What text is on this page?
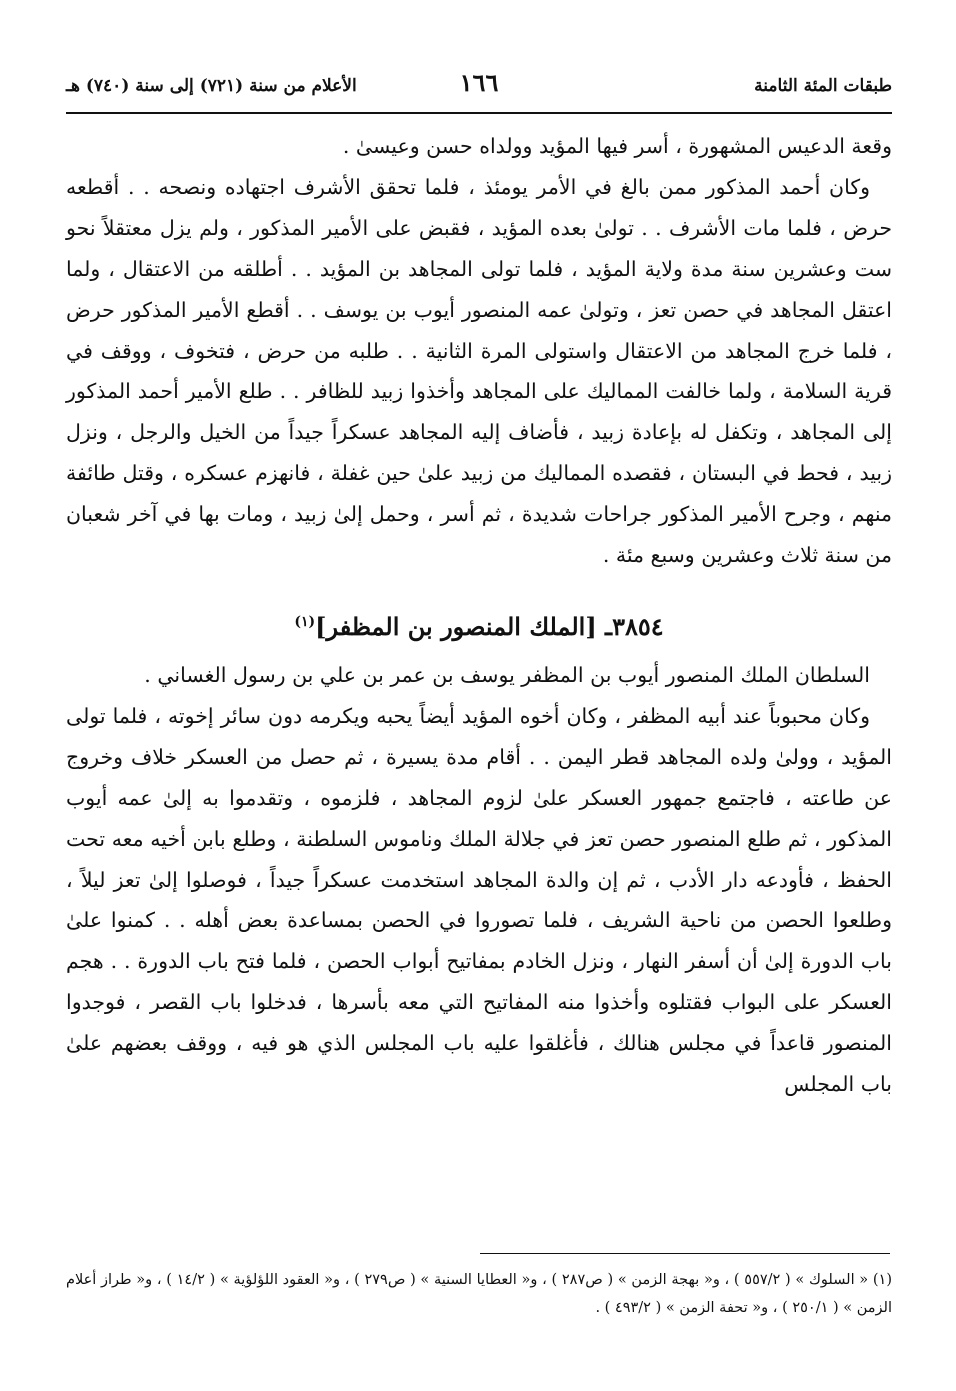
طبقات المئة الثامنة
١٦٦
الأعلام من سنة (٧٢١) إلى سنة (٧٤٠) هـ

وقعة الدعيس المشهورة ، أسر فيها المؤيد وولداه حسن وعيسىٰ .

وكان أحمد المذكور ممن بالغ في الأمر يومئذ ، فلما تحقق الأشرف اجتهاده ونصحه . . أقطعه حرض ، فلما مات الأشرف . . تولىٰ بعده المؤيد ، فقبض على الأمير المذكور ، ولم يزل معتقلاً نحو ست وعشرين سنة مدة ولاية المؤيد ، فلما تولى المجاهد بن المؤيد . . أطلقه من الاعتقال ، ولما اعتقل المجاهد في حصن تعز ، وتولىٰ عمه المنصور أيوب بن يوسف . . أقطع الأمير المذكور حرض ، فلما خرج المجاهد من الاعتقال واستولى المرة الثانية . . طلبه من حرض ، فتخوف ، ووقف في قرية السلامة ، ولما خالفت المماليك على المجاهد وأخذوا زبيد للظافر . . طلع الأمير أحمد المذكور إلى المجاهد ، وتكفل له بإعادة زبيد ، فأضاف إليه المجاهد عسكراً جيداً من الخيل والرجل ، ونزل زبيد ، فحط في البستان ، فقصده المماليك من زبيد علىٰ حين غفلة ، فانهزم عسكره ، وقتل طائفة منهم ، وجرح الأمير المذكور جراحات شديدة ، ثم أسر ، وحمل إلىٰ زبيد ، ومات بها في آخر شعبان من سنة ثلاث وعشرين وسبع مئة .

٣٨٥٤ـ [الملك المنصور بن المظفر]$^{(١)}$

السلطان الملك المنصور أيوب بن المظفر يوسف بن عمر بن علي بن رسول الغساني .

وكان محبوباً عند أبيه المظفر ، وكان أخوه المؤيد أيضاً يحبه ويكرمه دون سائر إخوته ، فلما تولى المؤيد ، وولىٰ ولده المجاهد قطر اليمن . . أقام مدة يسيرة ، ثم حصل من العسكر خلاف وخروج عن طاعته ، فاجتمع جمهور العسكر علىٰ لزوم المجاهد ، فلزموه ، وتقدموا به إلىٰ عمه أيوب المذكور ، ثم طلع المنصور حصن تعز في جلالة الملك وناموس السلطنة ، وطلع بابن أخيه معه تحت الحفظ ، فأودعه دار الأدب ، ثم إن والدة المجاهد استخدمت عسكراً جيداً ، فوصلوا إلىٰ تعز ليلاً ، وطلعوا الحصن من ناحية الشريف ، فلما تصوروا في الحصن بمساعدة بعض أهله . . كمنوا علىٰ باب الدورة إلىٰ أن أسفر النهار ، ونزل الخادم بمفاتيح أبواب الحصن ، فلما فتح باب الدورة . . هجم العسكر على البواب فقتلوه وأخذوا منه المفاتيح التي معه بأسرها ، فدخلوا باب القصر ، فوجدوا المنصور قاعداً في مجلس هنالك ، فأغلقوا عليه باب المجلس الذي هو فيه ، ووقف بعضهم علىٰ باب المجلس

(١) « السلوك » ( ٥٥٧/٢ ) ، و« بهجة الزمن » ( ص٢٨٧ ) ، و« العطايا السنية » ( ص٢٧٩ ) ، و« العقود اللؤلؤية » ( ١٤/٢ ) ، و« طراز أعلام الزمن » ( ٢٥٠/١ ) ، و« تحفة الزمن » ( ٤٩٣/٢ ) .
